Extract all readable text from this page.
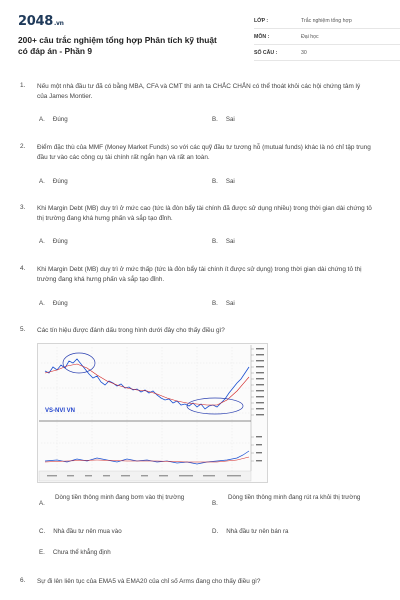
2048.vn
200+ câu trắc nghiệm tổng hợp Phân tích kỹ thuật có đáp án - Phần 9
LỚP :	Trắc nghiệm tổng hợp
MÔN :	Đại học
SỐ CÂU :	30
1. Nếu một nhà đầu tư đã có bằng MBA, CFA và CMT thì anh ta CHẮC CHẮN có thể thoát khỏi các hội chứng tâm lý của James Montier.
A. Đúng	B. Sai
2. Điểm đặc thù của MMF (Money Market Funds) so với các quỹ đầu tư tương hỗ (mutual funds) khác là nó chỉ tập trung đầu tư vào các công cụ tài chính rất ngắn hạn và rất an toàn.
A. Đúng	B. Sai
3. Khi Margin Debt (MB) duy trì ở mức cao (tức là đòn bẩy tài chính đã được sử dụng nhiều) trong thời gian dài chứng tỏ thị trường đang khá hưng phấn và sắp tạo đỉnh.
A. Đúng	B. Sai
4. Khi Margin Debt (MB) duy trì ở mức thấp (tức là đòn bẩy tài chính ít được sử dụng) trong thời gian dài chứng tỏ thị trường đang khá hưng phấn và sắp tạo đỉnh.
A. Đúng	B. Sai
5. Các tín hiệu được đánh dấu trong hình dưới đây cho thấy điều gì?
VS-NVI VN
A.
Dòng tiền thông minh đang bơm vào thị trường
B.
Dòng tiền thông minh đang rút ra khỏi thị trường
C. Nhà đầu tư nên mua vào	D. Nhà đầu tư nên bán ra
E. Chưa thể khẳng định
6. Sự đi lên liên tục của EMA5 và EMA20 của chỉ số Arms đang cho thấy điều gì?
